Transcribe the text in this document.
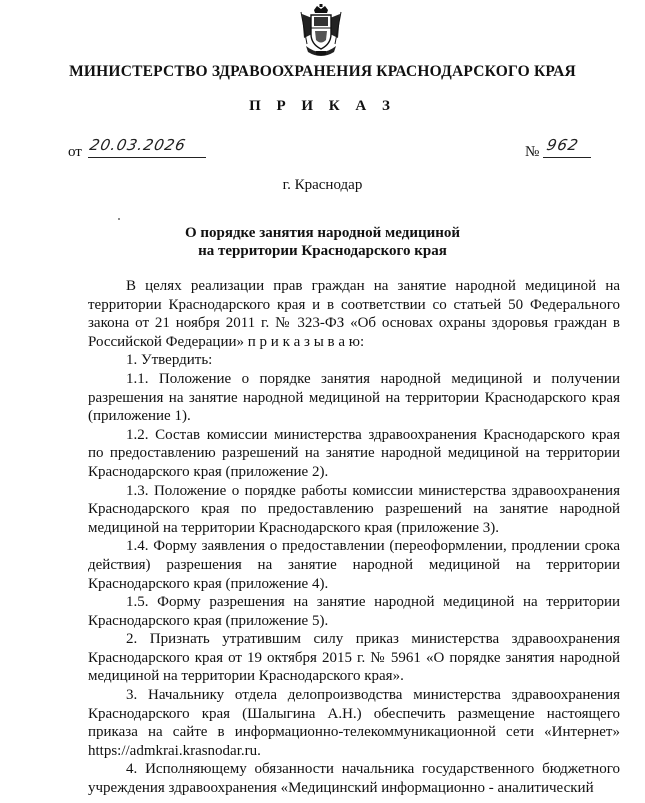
МИНИСТЕРСТВО ЗДРАВООХРАНЕНИЯ КРАСНОДАРСКОГО КРАЯ
П Р И К А З
от 20.03.2026	№ 962
г. Краснодар
О порядке занятия народной медициной
на территории Краснодарского края

В целях реализации прав граждан на занятие народной медициной на территории Краснодарского края и в соответствии со статьей 50 Федерального закона от 21 ноября 2011 г. № 323-ФЗ «Об основах охраны здоровья граждан в Российской Федерации» п р и к а з ы в а ю:

1. Утвердить:

1.1. Положение о порядке занятия народной медициной и получении разрешения на занятие народной медициной на территории Краснодарского края (приложение 1).

1.2. Состав комиссии министерства здравоохранения Краснодарского края по предоставлению разрешений на занятие народной медициной на территории Краснодарского края (приложение 2).

1.3. Положение о порядке работы комиссии министерства здравоохранения Краснодарского края по предоставлению разрешений на занятие народной медициной на территории Краснодарского края (приложение 3).

1.4. Форму заявления о предоставлении (переоформлении, продлении срока действия) разрешения на занятие народной медициной на территории Краснодарского края (приложение 4).

1.5. Форму разрешения на занятие народной медициной на территории Краснодарского края (приложение 5).

2. Признать утратившим силу приказ министерства здравоохранения Краснодарского края от 19 октября 2015 г. № 5961 «О порядке занятия народной медициной на территории Краснодарского края».

3. Начальнику отдела делопроизводства министерства здравоохранения Краснодарского края (Шалыгина А.Н.) обеспечить размещение настоящего приказа на сайте в информационно-телекоммуникационной сети «Интернет» https://admkrai.krasnodar.ru.

4. Исполняющему обязанности начальника государственного бюджетного учреждения здравоохранения «Медицинский информационно - аналитический
